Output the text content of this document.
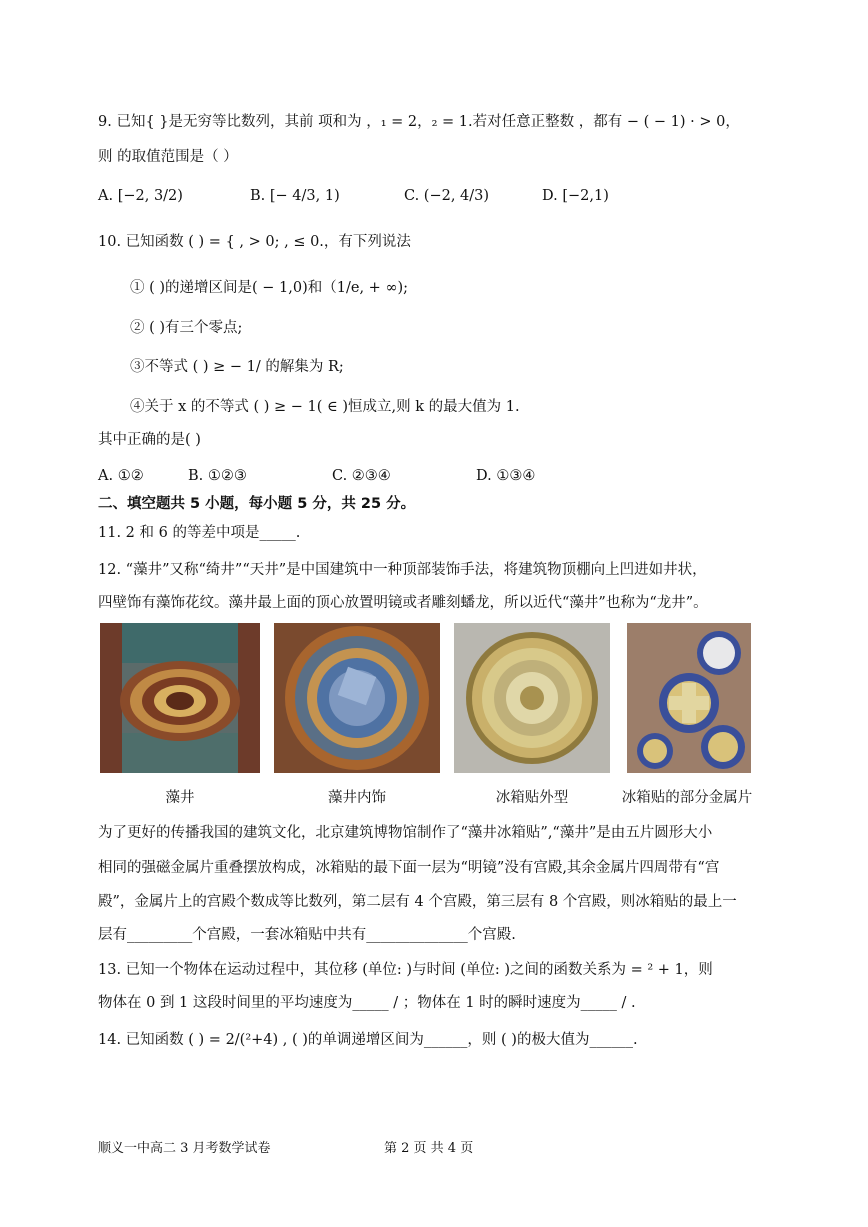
9. 已知{ }是无穷等比数列，其前 项和为 ，₁ = 2，₂ = 1.若对任意正整数 ，都有 − ( − 1) · > 0，
则 的取值范围是（ ）
A. [−2, 3/2)	B. [− 4/3, 1)	C. (−2, 4/3)	D. [−2,1)
10. 已知函数 ( ) = { , > 0; , ≤ 0.，有下列说法
① ( )的递增区间是( − 1,0)和（1/e, + ∞);
② ( )有三个零点;
③不等式 ( ) ≥ − 1/ 的解集为 R;
④关于 x 的不等式 ( ) ≥ − 1( ∈ )恒成立,则 k 的最大值为 1.
其中正确的是( )
A. ①②	B. ①②③	C. ②③④	D. ①③④
二、填空题共 5 小题，每小题 5 分，共 25 分。
11. 2 和 6 的等差中项是_____.
12. “藻井”又称“绮井”“天井”是中国建筑中一种顶部装饰手法，将建筑物顶棚向上凹进如井状，
四壁饰有藻饰花纹。藻井最上面的顶心放置明镜或者雕刻蟠龙，所以近代“藻井”也称为“龙井”。
藻井	藻井内饰	冰箱贴外型	冰箱贴的部分金属片
为了更好的传播我国的建筑文化，北京建筑博物馆制作了“藻井冰箱贴”,“藻井”是由五片圆形大小
相同的强磁金属片重叠摆放构成，冰箱贴的最下面一层为“明镜”没有宫殿,其余金属片四周带有“宫
殿”，金属片上的宫殿个数成等比数列，第二层有 4 个宫殿，第三层有 8 个宫殿，则冰箱贴的最上一
层有_________个宫殿，一套冰箱贴中共有______________个宫殿.
13. 已知一个物体在运动过程中，其位移 (单位: )与时间 (单位: )之间的函数关系为 = ² + 1，则
物体在 0 到 1 这段时间里的平均速度为_____ / ；物体在 1 时的瞬时速度为_____ / .
14. 已知函数 ( ) = 2/(²+4) , ( )的单调递增区间为______，则 ( )的极大值为______.
顺义一中高二 3 月考数学试卷	第 2 页 共 4 页
